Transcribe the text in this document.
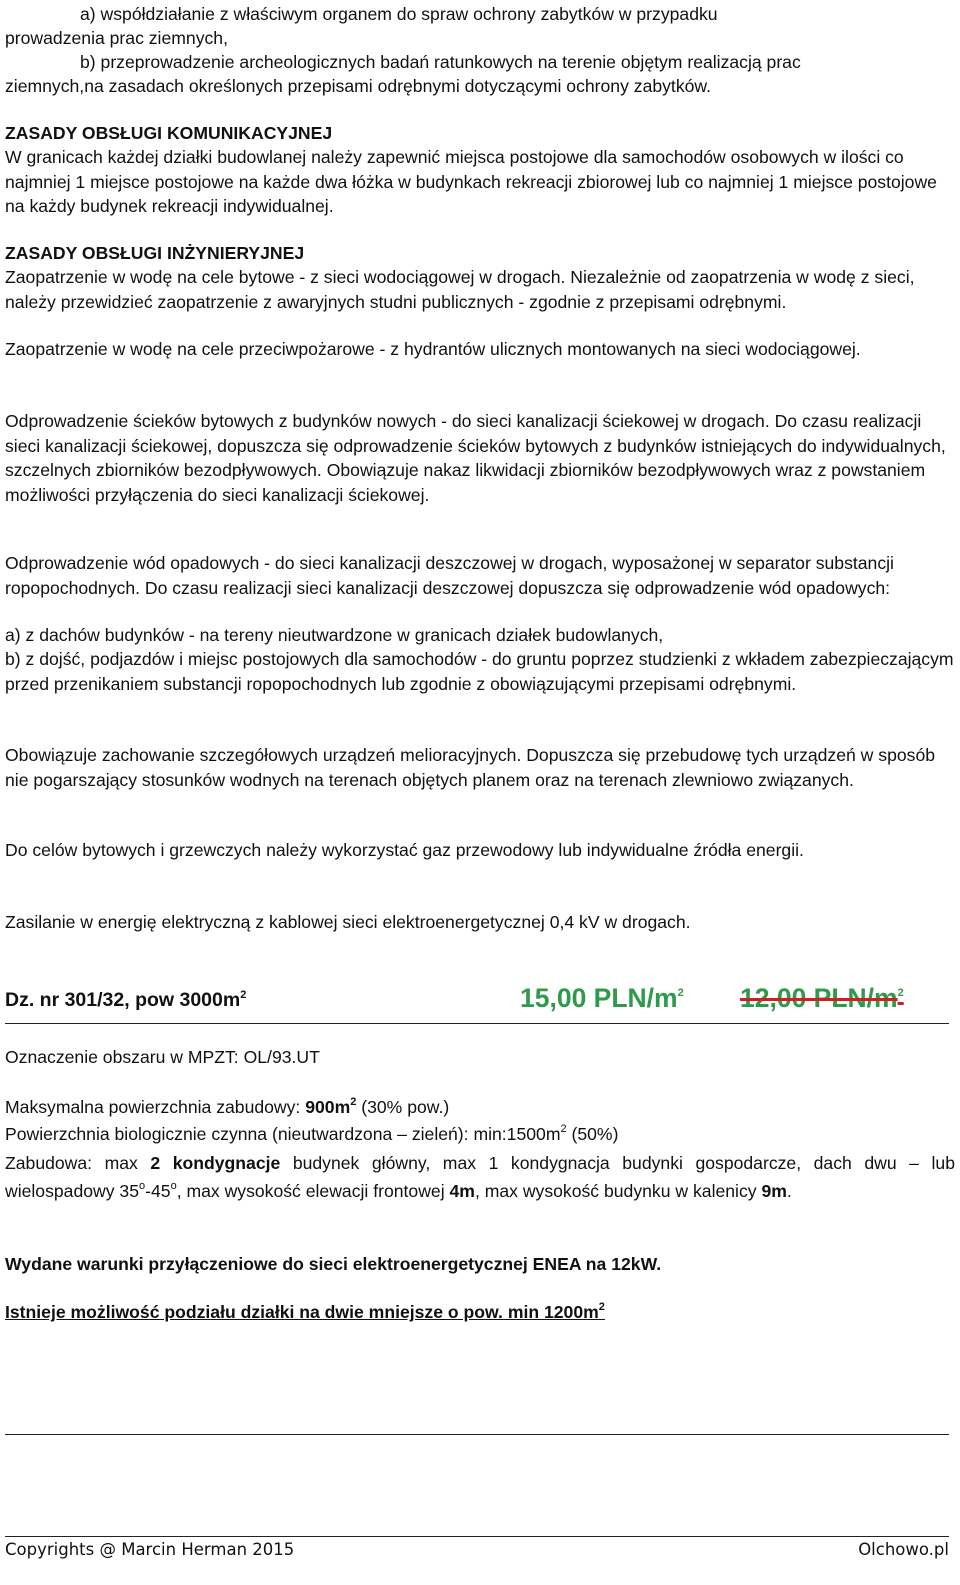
a) współdziałanie z właściwym organem do spraw ochrony zabytków w przypadku

prowadzenia prac ziemnych,

b) przeprowadzenie archeologicznych badań ratunkowych na terenie objętym realizacją prac

ziemnych,na zasadach określonych przepisami odrębnymi dotyczącymi ochrony zabytków.

ZASADY OBSŁUGI KOMUNIKACYJNEJ

W granicach każdej działki budowlanej należy zapewnić miejsca postojowe dla samochodów osobowych w ilości co najmniej 1 miejsce postojowe na każde dwa łóżka w budynkach rekreacji zbiorowej lub co najmniej 1 miejsce postojowe na każdy budynek rekreacji indywidualnej.

ZASADY OBSŁUGI INŻYNIERYJNEJ

Zaopatrzenie w wodę na cele bytowe - z sieci wodociągowej w drogach. Niezależnie od zaopatrzenia w wodę z sieci, należy przewidzieć zaopatrzenie z awaryjnych studni publicznych - zgodnie z przepisami odrębnymi.

Zaopatrzenie w wodę na cele przeciwpożarowe - z hydrantów ulicznych montowanych na sieci wodociągowej.

Odprowadzenie ścieków bytowych z budynków nowych - do sieci kanalizacji ściekowej w drogach. Do czasu realizacji sieci kanalizacji ściekowej, dopuszcza się odprowadzenie ścieków bytowych z budynków istniejących do indywidualnych, szczelnych zbiorników bezodpływowych. Obowiązuje nakaz likwidacji zbiorników bezodpływowych wraz z powstaniem możliwości przyłączenia do sieci kanalizacji ściekowej.

Odprowadzenie wód opadowych - do sieci kanalizacji deszczowej w drogach, wyposażonej w separator substancji ropopochodnych. Do czasu realizacji sieci kanalizacji deszczowej dopuszcza się odprowadzenie wód opadowych:

a) z dachów budynków - na tereny nieutwardzone w granicach działek budowlanych,

b) z dojść, podjazdów i miejsc postojowych dla samochodów - do gruntu poprzez studzienki z wkładem zabezpieczającym przed przenikaniem substancji ropopochodnych lub zgodnie z obowiązującymi przepisami odrębnymi.

Obowiązuje zachowanie szczegółowych urządzeń melioracyjnych. Dopuszcza się przebudowę tych urządzeń w sposób nie pogarszający stosunków wodnych na terenach objętych planem oraz na terenach zlewniowo związanych.

Do celów bytowych i grzewczych należy wykorzystać gaz przewodowy lub indywidualne źródła energii.

Zasilanie w energię elektryczną z kablowej sieci elektroenergetycznej 0,4 kV w drogach.

Dz. nr 301/32, pow $3000m^2$	15,00 PLN/$m^2$ 12,00 PLN/$m^2$

Oznaczenie obszaru w MPZT: OL/93.UT

Maksymalna powierzchnia zabudowy: $900m^2$ (30% pow.)

Powierzchnia biologicznie czynna (nieutwardzona – zieleń): $\min:1500m^2$ (50%)

Zabudowa: max 2 kondygnacje budynek główny, max 1 kondygnacja budynki gospodarcze, dach dwu – lub wielospadowy 35$^o$-45$^o$, max wysokość elewacji frontowej 4m, max wysokość budynku w kalenicy 9m.

Wydane warunki przyłączeniowe do sieci elektroenergetycznej ENEA na 12kW.

Istnieje możliwość podziału działki na dwie mniejsze o pow. $\min 1200m^2$

Copyrights @ Marcin Herman 2015	Olchowo.pl
